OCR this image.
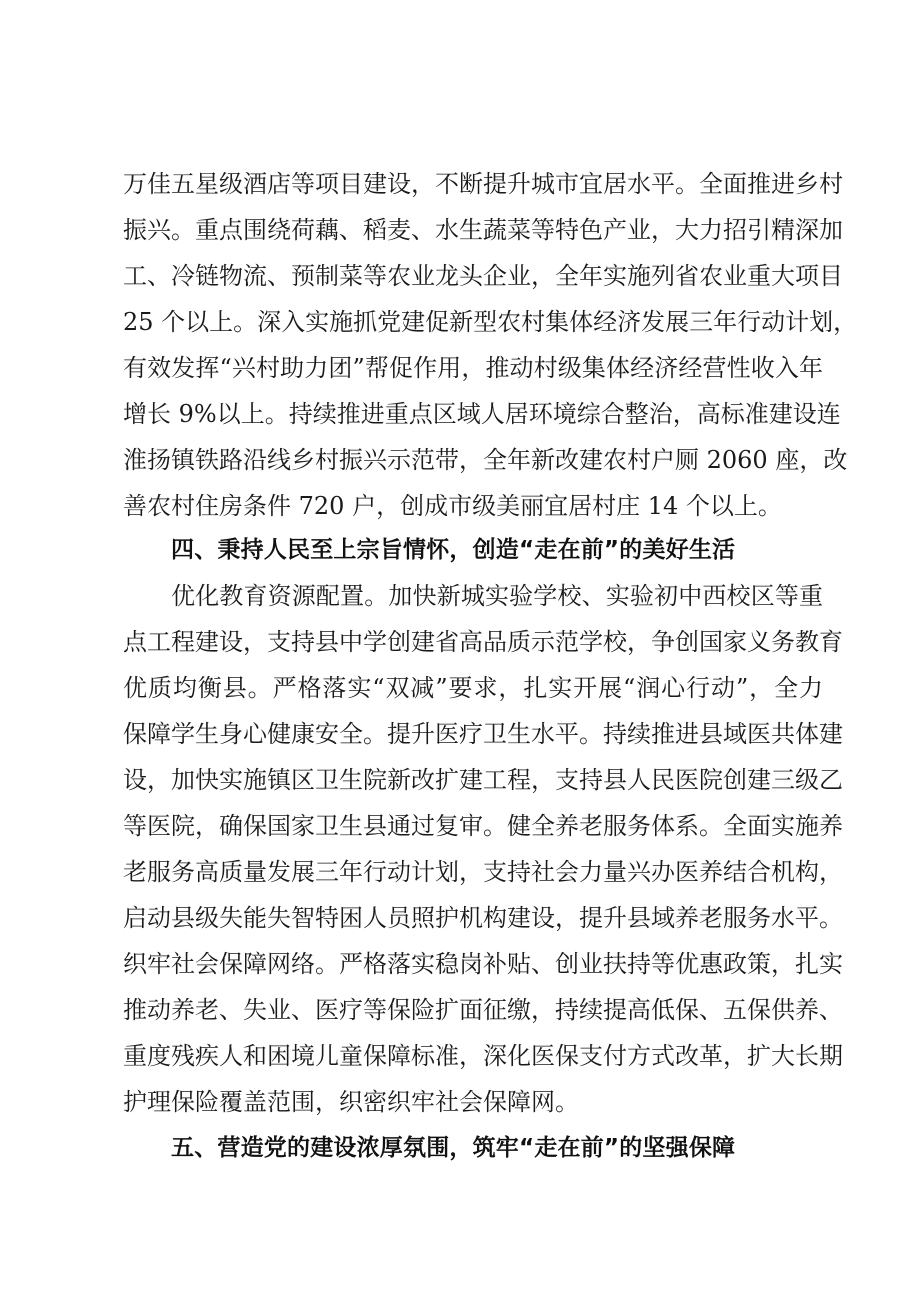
万佳五星级酒店等项目建设，不断提升城市宜居水平。全面推进乡村
振兴。重点围绕荷藕、稻麦、水生蔬菜等特色产业，大力招引精深加
工、冷链物流、预制菜等农业龙头企业，全年实施列省农业重大项目
25 个以上。深入实施抓党建促新型农村集体经济发展三年行动计划，
有效发挥“兴村助力团”帮促作用，推动村级集体经济经营性收入年
增长 9%以上。持续推进重点区域人居环境综合整治，高标准建设连
淮扬镇铁路沿线乡村振兴示范带，全年新改建农村户厕 2060 座，改
善农村住房条件 720 户，创成市级美丽宜居村庄 14 个以上。
四、秉持人民至上宗旨情怀，创造“走在前”的美好生活
优化教育资源配置。加快新城实验学校、实验初中西校区等重
点工程建设，支持县中学创建省高品质示范学校，争创国家义务教育
优质均衡县。严格落实“双减”要求，扎实开展“润心行动”，全力
保障学生身心健康安全。提升医疗卫生水平。持续推进县域医共体建
设，加快实施镇区卫生院新改扩建工程，支持县人民医院创建三级乙
等医院，确保国家卫生县通过复审。健全养老服务体系。全面实施养
老服务高质量发展三年行动计划，支持社会力量兴办医养结合机构，
启动县级失能失智特困人员照护机构建设，提升县域养老服务水平。
织牢社会保障网络。严格落实稳岗补贴、创业扶持等优惠政策，扎实
推动养老、失业、医疗等保险扩面征缴，持续提高低保、五保供养、
重度残疾人和困境儿童保障标准，深化医保支付方式改革，扩大长期
护理保险覆盖范围，织密织牢社会保障网。
五、营造党的建设浓厚氛围，筑牢“走在前”的坚强保障
